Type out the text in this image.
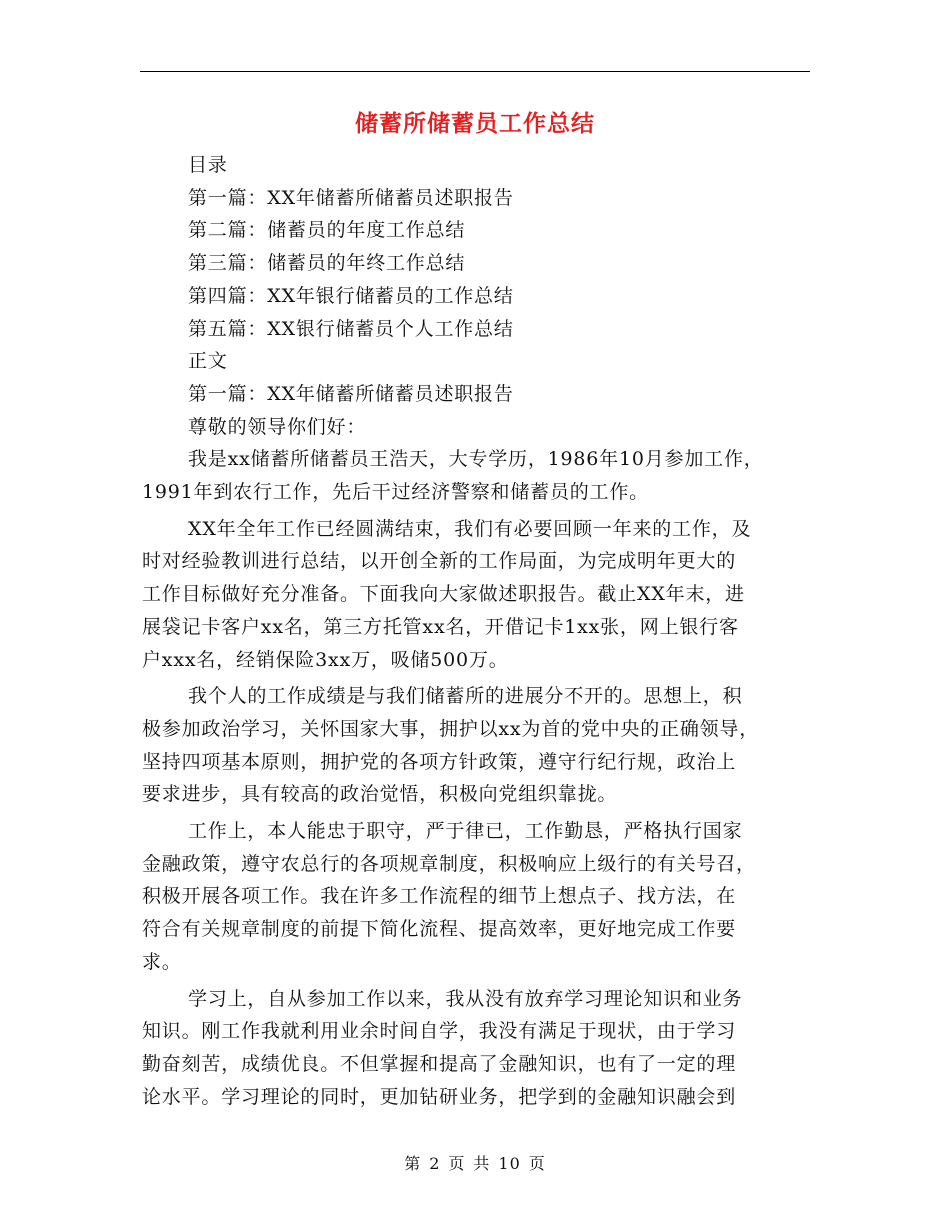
储蓄所储蓄员工作总结
目录
第一篇：XX年储蓄所储蓄员述职报告
第二篇：储蓄员的年度工作总结
第三篇：储蓄员的年终工作总结
第四篇：XX年银行储蓄员的工作总结
第五篇：XX银行储蓄员个人工作总结
正文
第一篇：XX年储蓄所储蓄员述职报告
尊敬的领导你们好：
我是xx储蓄所储蓄员王浩天，大专学历，1986年10月参加工作，
1991年到农行工作，先后干过经济警察和储蓄员的工作。
XX年全年工作已经圆满结束，我们有必要回顾一年来的工作，及
时对经验教训进行总结，以开创全新的工作局面，为完成明年更大的
工作目标做好充分准备。下面我向大家做述职报告。截止XX年末，进
展袋记卡客户xx名，第三方托管xx名，开借记卡1xx张，网上银行客
户xxx名，经销保险3xx万，吸储500万。
我个人的工作成绩是与我们储蓄所的进展分不开的。思想上，积
极参加政治学习，关怀国家大事，拥护以xx为首的党中央的正确领导，
坚持四项基本原则，拥护党的各项方针政策，遵守行纪行规，政治上
要求进步，具有较高的政治觉悟，积极向党组织靠拢。
工作上，本人能忠于职守，严于律已，工作勤恳，严格执行国家
金融政策，遵守农总行的各项规章制度，积极响应上级行的有关号召，
积极开展各项工作。我在许多工作流程的细节上想点子、找方法，在
符合有关规章制度的前提下简化流程、提高效率，更好地完成工作要
求。
学习上，自从参加工作以来，我从没有放弃学习理论知识和业务
知识。刚工作我就利用业余时间自学，我没有满足于现状，由于学习
勤奋刻苦，成绩优良。不但掌握和提高了金融知识，也有了一定的理
论水平。学习理论的同时，更加钻研业务，把学到的金融知识融会到
第 2 页 共 10 页
